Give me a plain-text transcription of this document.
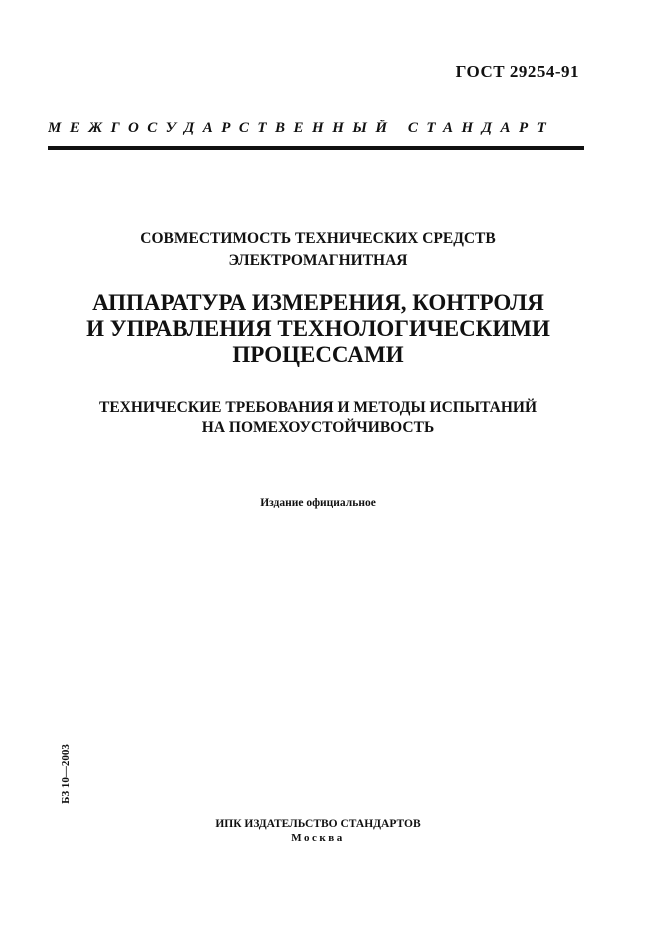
ГОСТ 29254-91
МЕЖГОСУДАРСТВЕННЫЙ СТАНДАРТ
СОВМЕСТИМОСТЬ ТЕХНИЧЕСКИХ СРЕДСТВ
ЭЛЕКТРОМАГНИТНАЯ
АППАРАТУРА ИЗМЕРЕНИЯ, КОНТРОЛЯ
И УПРАВЛЕНИЯ ТЕХНОЛОГИЧЕСКИМИ
ПРОЦЕССАМИ
ТЕХНИЧЕСКИЕ ТРЕБОВАНИЯ И МЕТОДЫ ИСПЫТАНИЙ
НА ПОМЕХОУСТОЙЧИВОСТЬ
Издание официальное
БЗ 10—2003
ИПК ИЗДАТЕЛЬСТВО СТАНДАРТОВ
Москва
